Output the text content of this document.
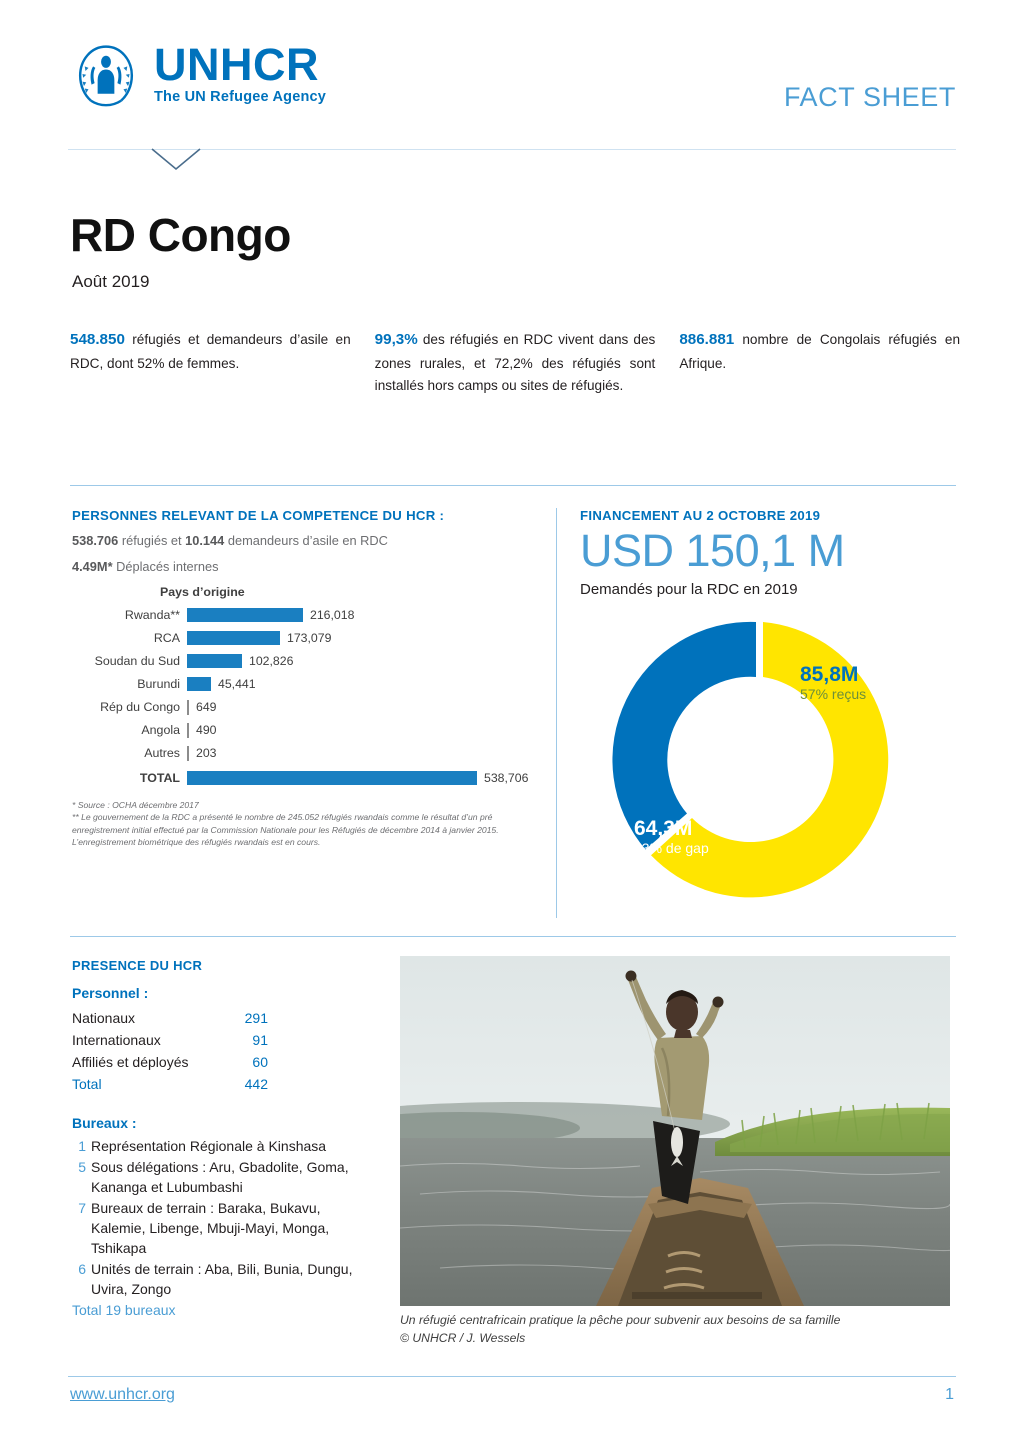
UNHCR
The UN Refugee Agency	FACT SHEET
RD Congo
Août 2019

548.850 réfugiés et demandeurs d’asile en RDC, dont 52% de femmes.

99,3% des réfugiés en RDC vivent dans des zones rurales, et 72,2% des réfugiés sont installés hors camps ou sites de réfugiés.

886.881 nombre de Congolais réfugiés en Afrique.

PERSONNES RELEVANT DE LA COMPETENCE DU HCR :
538.706 réfugiés et 10.144 demandeurs d’asile en RDC
4.49M* Déplacés internes
Pays d’origine
Rwanda**	216,018
RCA	173,079
Soudan du Sud	102,826
Burundi	45,441
Rép du Congo	649
Angola	490
Autres	203
TOTAL	538,706
* Source : OCHA décembre 2017
** Le gouvernement de la RDC a présenté le nombre de 245.052 réfugiés rwandais comme le résultat d’un pré enregistrement initial effectué par la Commission Nationale pour les Réfugiés de décembre 2014 à janvier 2015. L’enregistrement biométrique des réfugiés rwandais est en cours.
FINANCEMENT AU 2 OCTOBRE 2019
USD 150,1 M
Demandés pour la RDC en 2019
85,8M
57% reçus
64,3M
43% de gap
PRESENCE DU HCR
Personnel :
Nationaux	291
Internationaux	91
Affiliés et déployés	60
Total	442
Bureaux :
1 Représentation Régionale à Kinshasa
5 Sous délégations : Aru, Gbadolite, Goma, Kananga et Lubumbashi
7 Bureaux de terrain : Baraka, Bukavu, Kalemie, Libenge, Mbuji-Mayi, Monga, Tshikapa
6 Unités de terrain : Aba, Bili, Bunia, Dungu, Uvira, Zongo
Total 19 bureaux
Un réfugié centrafricain pratique la pêche pour subvenir aux besoins de sa famille
© UNHCR / J. Wessels
www.unhcr.org	1
